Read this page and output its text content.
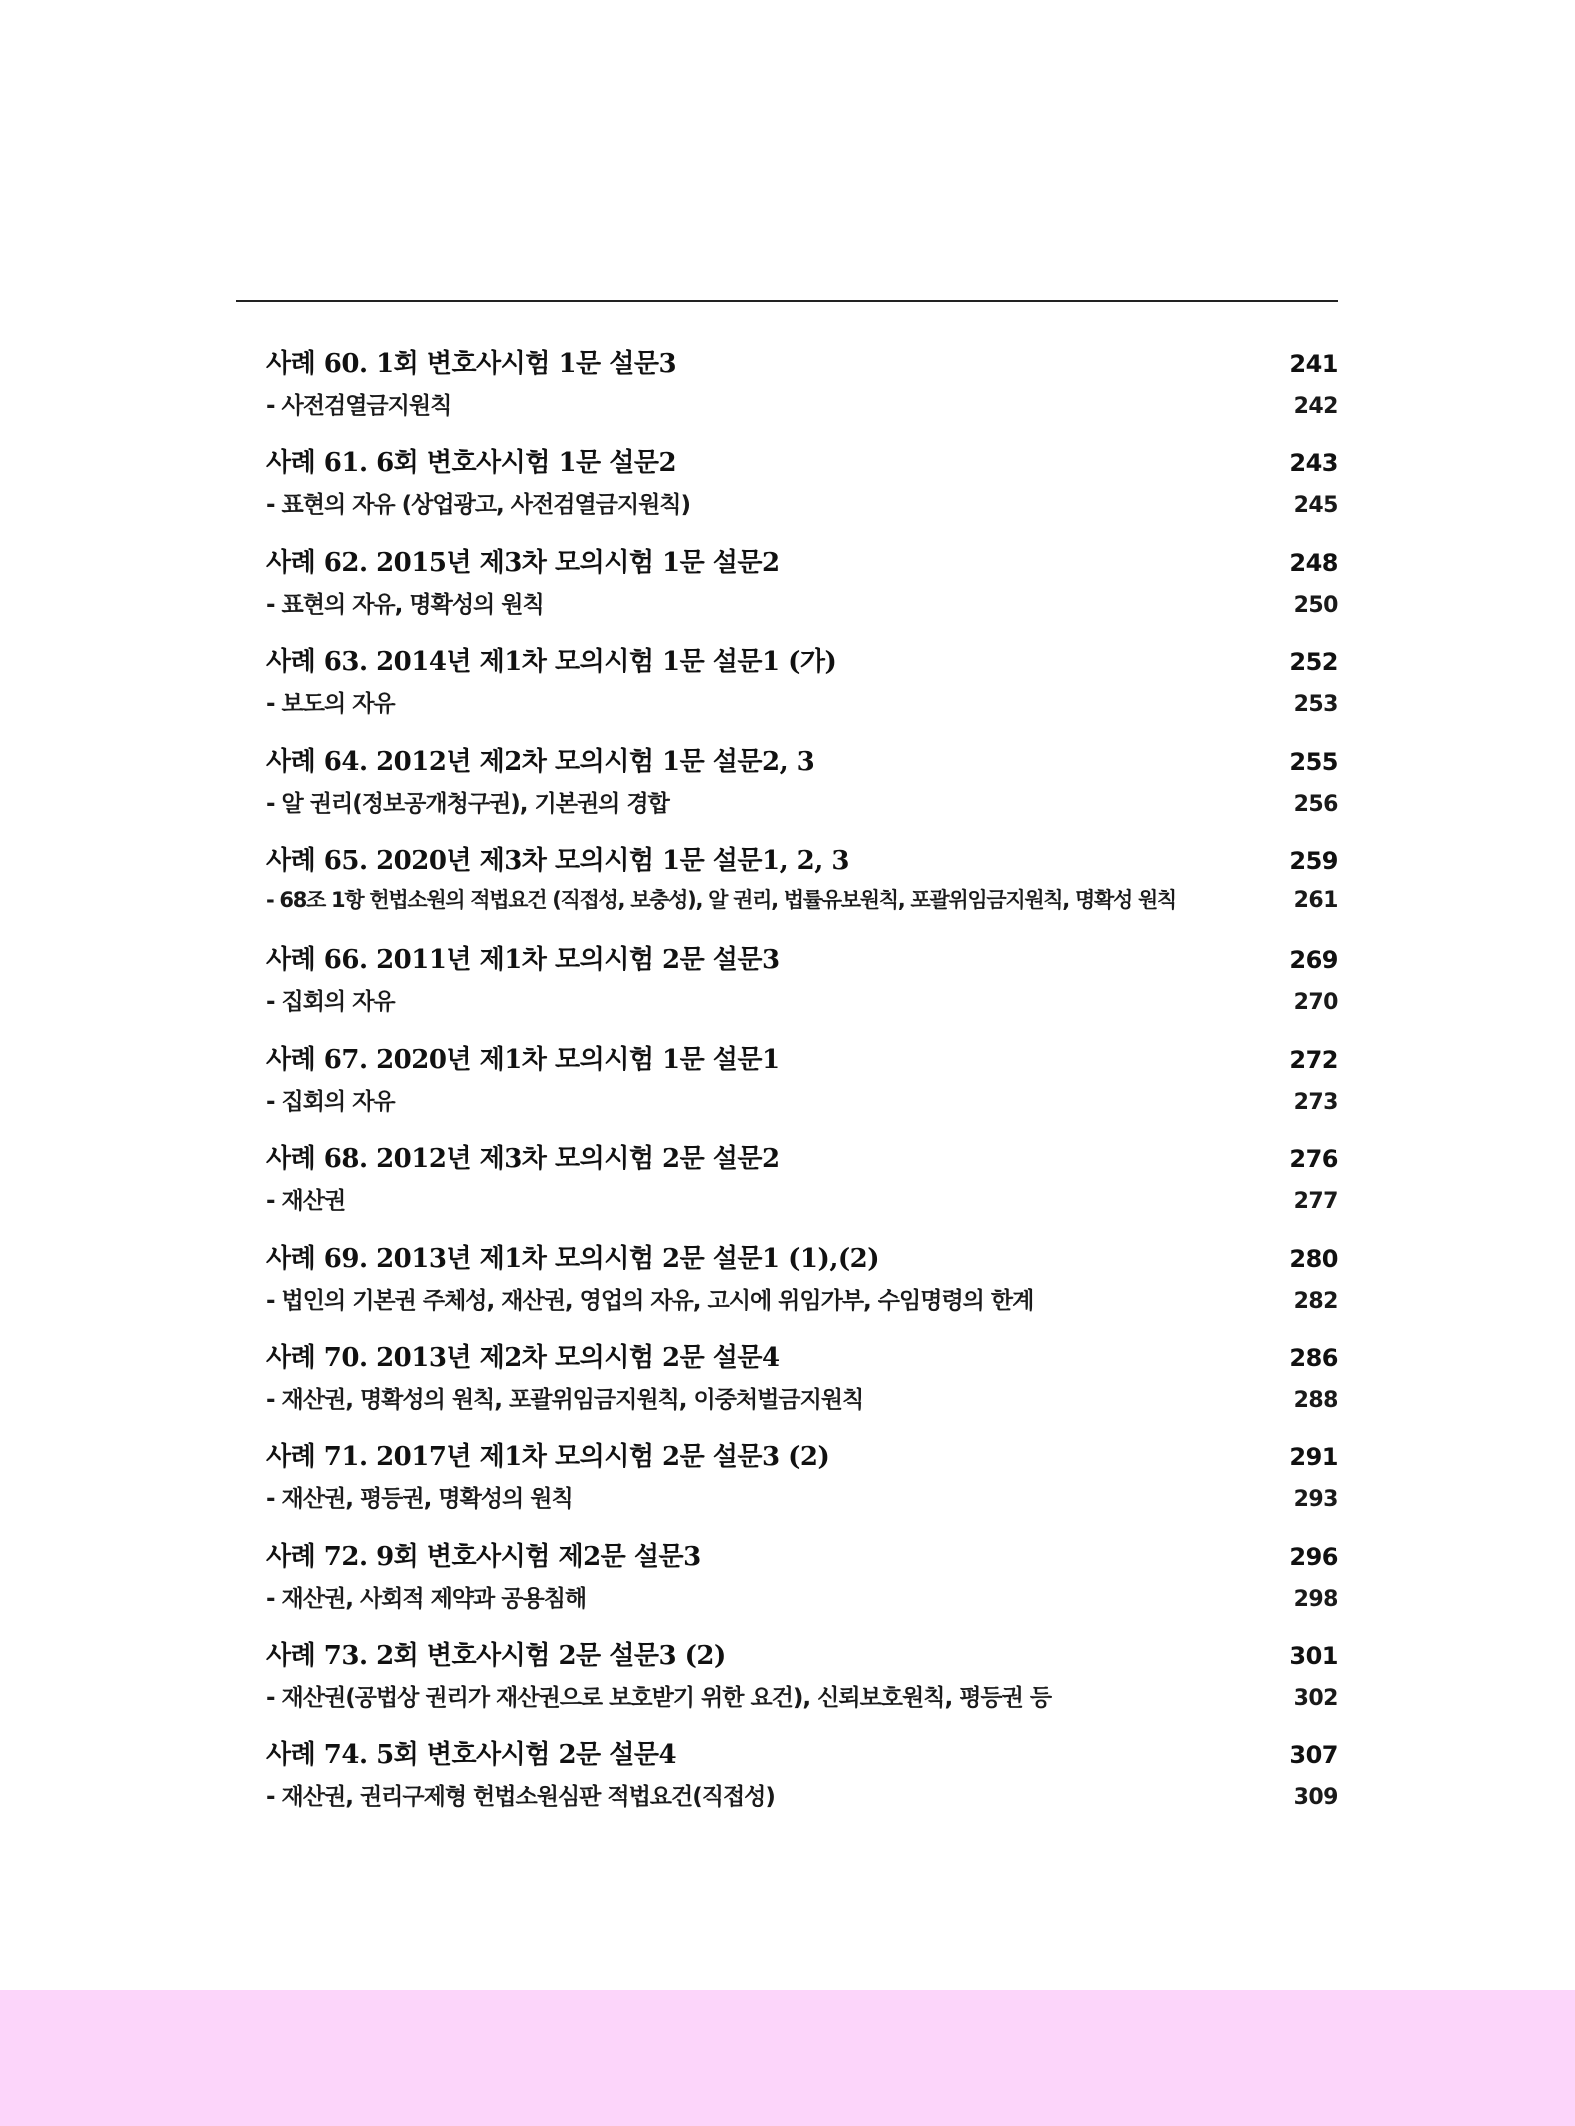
사례 60. 1회 변호사시험 1문 설문3	241
- 사전검열금지원칙	242
사례 61. 6회 변호사시험 1문 설문2	243
- 표현의 자유 (상업광고, 사전검열금지원칙)	245
사례 62. 2015년 제3차 모의시험 1문 설문2	248
- 표현의 자유, 명확성의 원칙	250
사례 63. 2014년 제1차 모의시험 1문 설문1 (가)	252
- 보도의 자유	253
사례 64. 2012년 제2차 모의시험 1문 설문2, 3	255
- 알 권리(정보공개청구권), 기본권의 경합	256
사례 65. 2020년 제3차 모의시험 1문 설문1, 2, 3	259
- 68조 1항 헌법소원의 적법요건 (직접성, 보충성), 알 권리, 법률유보원칙, 포괄위임금지원칙, 명확성 원칙	261
사례 66. 2011년 제1차 모의시험 2문 설문3	269
- 집회의 자유	270
사례 67. 2020년 제1차 모의시험 1문 설문1	272
- 집회의 자유	273
사례 68. 2012년 제3차 모의시험 2문 설문2	276
- 재산권	277
사례 69. 2013년 제1차 모의시험 2문 설문1 (1),(2)	280
- 법인의 기본권 주체성, 재산권, 영업의 자유, 고시에 위임가부, 수임명령의 한계	282
사례 70. 2013년 제2차 모의시험 2문 설문4	286
- 재산권, 명확성의 원칙, 포괄위임금지원칙, 이중처벌금지원칙	288
사례 71. 2017년 제1차 모의시험 2문 설문3 (2)	291
- 재산권, 평등권, 명확성의 원칙	293
사례 72. 9회 변호사시험 제2문 설문3	296
- 재산권, 사회적 제약과 공용침해	298
사례 73. 2회 변호사시험 2문 설문3 (2)	301
- 재산권(공법상 권리가 재산권으로 보호받기 위한 요건), 신뢰보호원칙, 평등권 등	302
사례 74. 5회 변호사시험 2문 설문4	307
- 재산권, 권리구제형 헌법소원심판 적법요건(직접성)	309
